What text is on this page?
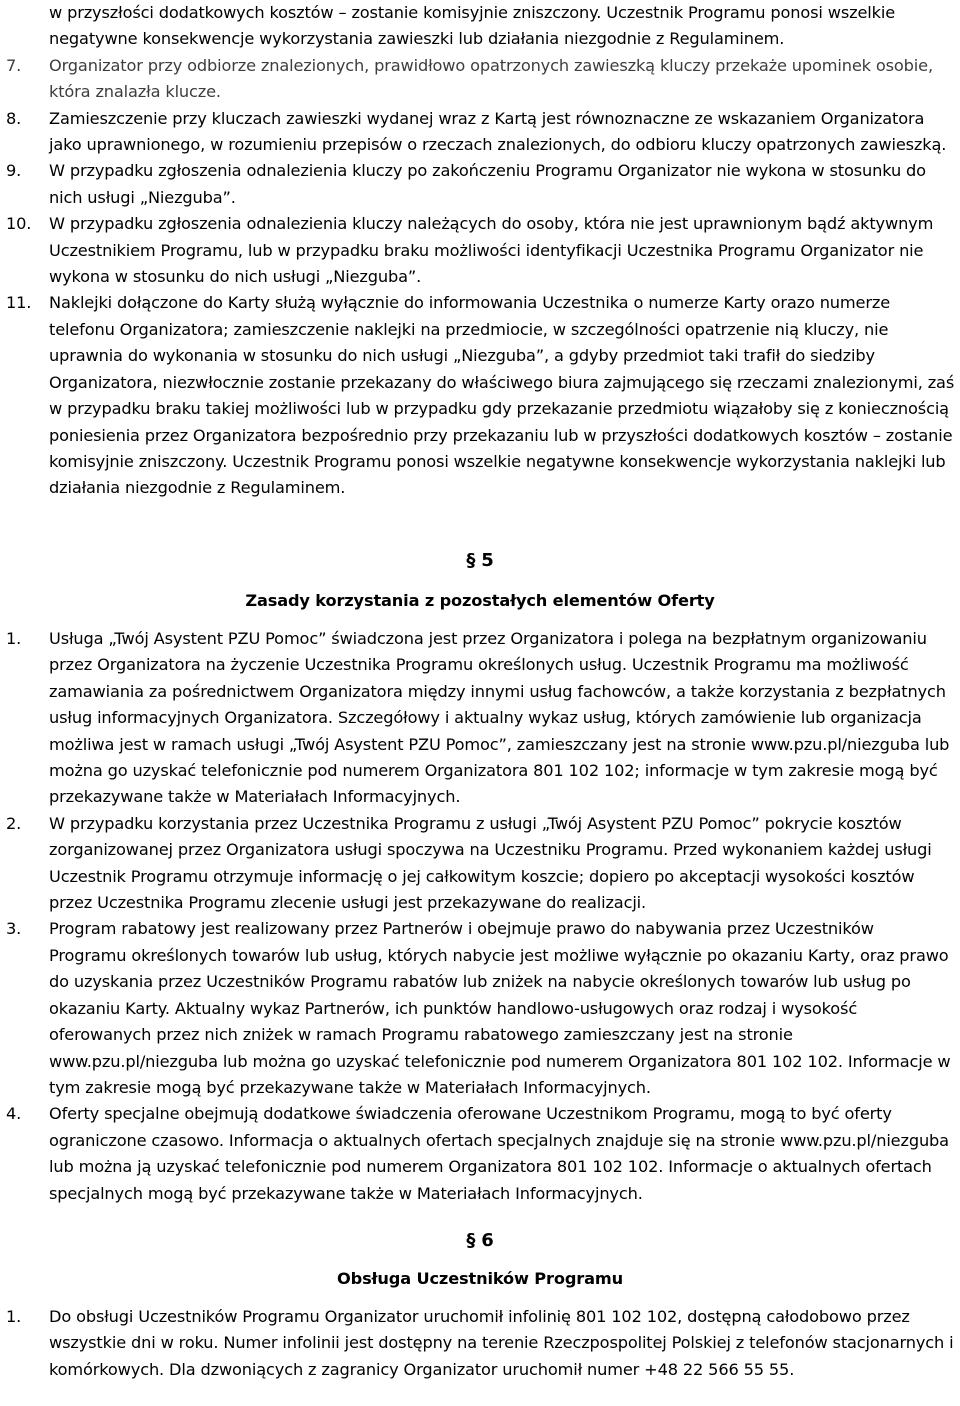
w przyszłości dodatkowych kosztów – zostanie komisyjnie zniszczony. Uczestnik Programu ponosi wszelkie negatywne konsekwencje wykorzystania zawieszki lub działania niezgodnie z Regulaminem.

7. Organizator przy odbiorze znalezionych, prawidłowo opatrzonych zawieszką kluczy przekaże upominek osobie, która znalazła klucze.

8. Zamieszczenie przy kluczach zawieszki wydanej wraz z Kartą jest równoznaczne ze wskazaniem Organizatora jako uprawnionego, w rozumieniu przepisów o rzeczach znalezionych, do odbioru kluczy opatrzonych zawieszką.

9. W przypadku zgłoszenia odnalezienia kluczy po zakończeniu Programu Organizator nie wykona w stosunku do nich usługi „Niezguba”.

10. W przypadku zgłoszenia odnalezienia kluczy należących do osoby, która nie jest uprawnionym bądź aktywnym Uczestnikiem Programu, lub w przypadku braku możliwości identyfikacji Uczestnika Programu Organizator nie wykona w stosunku do nich usługi „Niezguba”.

11. Naklejki dołączone do Karty służą wyłącznie do informowania Uczestnika o numerze Karty orazo numerze telefonu Organizatora; zamieszczenie naklejki na przedmiocie, w szczególności opatrzenie nią kluczy, nie uprawnia do wykonania w stosunku do nich usługi „Niezguba”, a gdyby przedmiot taki trafił do siedziby Organizatora, niezwłocznie zostanie przekazany do właściwego biura zajmującego się rzeczami znalezionymi, zaś w przypadku braku takiej możliwości lub w przypadku gdy przekazanie przedmiotu wiązałoby się z koniecznością poniesienia przez Organizatora bezpośrednio przy przekazaniu lub w przyszłości dodatkowych kosztów – zostanie komisyjnie zniszczony. Uczestnik Programu ponosi wszelkie negatywne konsekwencje wykorzystania naklejki lub działania niezgodnie z Regulaminem.

§ 5

Zasady korzystania z pozostałych elementów Oferty

1. Usługa „Twój Asystent PZU Pomoc” świadczona jest przez Organizatora i polega na bezpłatnym organizowaniu przez Organizatora na życzenie Uczestnika Programu określonych usług. Uczestnik Programu ma możliwość zamawiania za pośrednictwem Organizatora między innymi usług fachowców, a także korzystania z bezpłatnych usług informacyjnych Organizatora. Szczegółowy i aktualny wykaz usług, których zamówienie lub organizacja możliwa jest w ramach usługi „Twój Asystent PZU Pomoc”, zamieszczany jest na stronie www.pzu.pl/niezguba lub można go uzyskać telefonicznie pod numerem Organizatora 801 102 102; informacje w tym zakresie mogą być przekazywane także w Materiałach Informacyjnych.

2. W przypadku korzystania przez Uczestnika Programu z usługi „Twój Asystent PZU Pomoc” pokrycie kosztów zorganizowanej przez Organizatora usługi spoczywa na Uczestniku Programu. Przed wykonaniem każdej usługi Uczestnik Programu otrzymuje informację o jej całkowitym koszcie; dopiero po akceptacji wysokości kosztów przez Uczestnika Programu zlecenie usługi jest przekazywane do realizacji.

3. Program rabatowy jest realizowany przez Partnerów i obejmuje prawo do nabywania przez Uczestników Programu określonych towarów lub usług, których nabycie jest możliwe wyłącznie po okazaniu Karty, oraz prawo do uzyskania przez Uczestników Programu rabatów lub zniżek na nabycie określonych towarów lub usług po okazaniu Karty. Aktualny wykaz Partnerów, ich punktów handlowo-usługowych oraz rodzaj i wysokość oferowanych przez nich zniżek w ramach Programu rabatowego zamieszczany jest na stronie www.pzu.pl/niezguba lub można go uzyskać telefonicznie pod numerem Organizatora 801 102 102. Informacje w tym zakresie mogą być przekazywane także w Materiałach Informacyjnych.

4. Oferty specjalne obejmują dodatkowe świadczenia oferowane Uczestnikom Programu, mogą to być oferty ograniczone czasowo. Informacja o aktualnych ofertach specjalnych znajduje się na stronie www.pzu.pl/niezguba lub można ją uzyskać telefonicznie pod numerem Organizatora 801 102 102. Informacje o aktualnych ofertach specjalnych mogą być przekazywane także w Materiałach Informacyjnych.

§ 6

Obsługa Uczestników Programu

1. Do obsługi Uczestników Programu Organizator uruchomił infolinię 801 102 102, dostępną całodobowo przez wszystkie dni w roku. Numer infolinii jest dostępny na terenie Rzeczpospolitej Polskiej z telefonów stacjonarnych i komórkowych. Dla dzwoniących z zagranicy Organizator uruchomił numer +48 22 566 55 55.
